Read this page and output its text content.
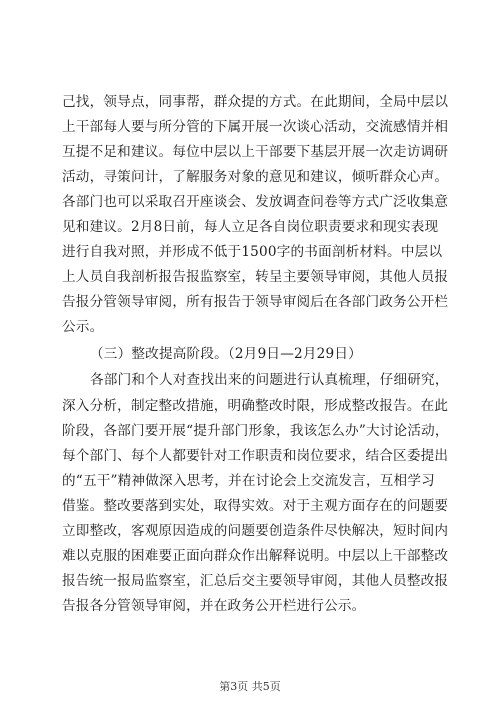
己找，领导点，同事帮，群众提的方式。在此期间，全局中层以
上干部每人要与所分管的下属开展一次谈心活动，交流感情并相
互提不足和建议。每位中层以上干部要下基层开展一次走访调研
活动，寻策问计，了解服务对象的意见和建议，倾听群众心声。
各部门也可以采取召开座谈会、发放调查问卷等方式广泛收集意
见和建议。2月8日前，每人立足各自岗位职责要求和现实表现
进行自我对照，并形成不低于1500字的书面剖析材料。中层以
上人员自我剖析报告报监察室，转呈主要领导审阅，其他人员报
告报分管领导审阅，所有报告于领导审阅后在各部门政务公开栏
公示。
（三）整改提高阶段。（2月9日—2月29日）
各部门和个人对查找出来的问题进行认真梳理，仔细研究，
深入分析，制定整改措施，明确整改时限，形成整改报告。在此
阶段，各部门要开展“提升部门形象，我该怎么办”大讨论活动，
每个部门、每个人都要针对工作职责和岗位要求，结合区委提出
的“五干”精神做深入思考，并在讨论会上交流发言，互相学习
借鉴。整改要落到实处，取得实效。对于主观方面存在的问题要
立即整改，客观原因造成的问题要创造条件尽快解决，短时间内
难以克服的困难要正面向群众作出解释说明。中层以上干部整改
报告统一报局监察室，汇总后交主要领导审阅，其他人员整改报
告报各分管领导审阅，并在政务公开栏进行公示。
第3页 共5页
